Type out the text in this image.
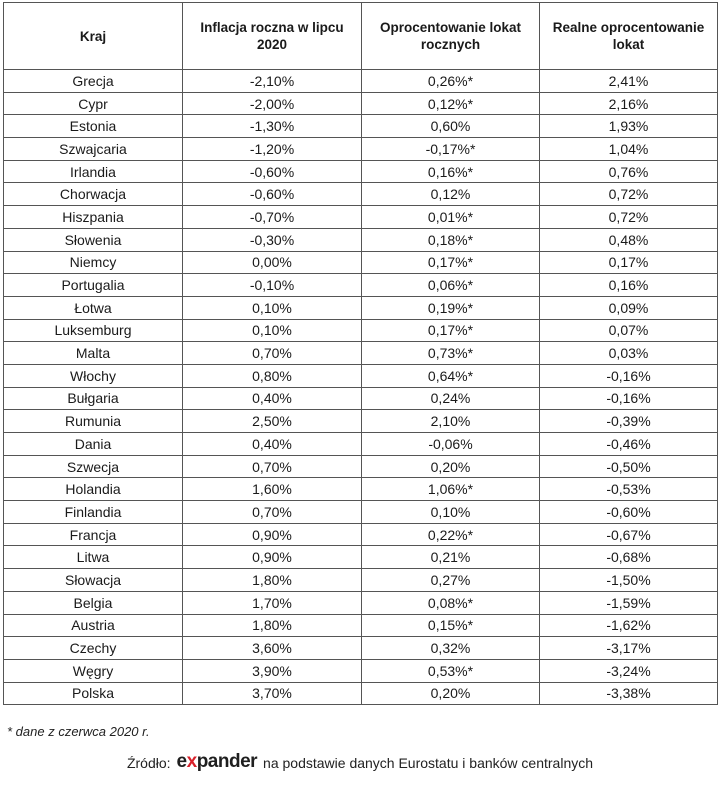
Kraj	Inflacja roczna w lipcu 2020	Oprocentowanie lokat rocznych	Realne oprocentowanie lokat
Grecja	-2,10%	0,26%*	2,41%
Cypr	-2,00%	0,12%*	2,16%
Estonia	-1,30%	0,60%	1,93%
Szwajcaria	-1,20%	-0,17%*	1,04%
Irlandia	-0,60%	0,16%*	0,76%
Chorwacja	-0,60%	0,12%	0,72%
Hiszpania	-0,70%	0,01%*	0,72%
Słowenia	-0,30%	0,18%*	0,48%
Niemcy	0,00%	0,17%*	0,17%
Portugalia	-0,10%	0,06%*	0,16%
Łotwa	0,10%	0,19%*	0,09%
Luksemburg	0,10%	0,17%*	0,07%
Malta	0,70%	0,73%*	0,03%
Włochy	0,80%	0,64%*	-0,16%
Bułgaria	0,40%	0,24%	-0,16%
Rumunia	2,50%	2,10%	-0,39%
Dania	0,40%	-0,06%	-0,46%
Szwecja	0,70%	0,20%	-0,50%
Holandia	1,60%	1,06%*	-0,53%
Finlandia	0,70%	0,10%	-0,60%
Francja	0,90%	0,22%*	-0,67%
Litwa	0,90%	0,21%	-0,68%
Słowacja	1,80%	0,27%	-1,50%
Belgia	1,70%	0,08%*	-1,59%
Austria	1,80%	0,15%*	-1,62%
Czechy	3,60%	0,32%	-3,17%
Węgry	3,90%	0,53%*	-3,24%
Polska	3,70%	0,20%	-3,38%
* dane z czerwca 2020 r.
Źródło: e x pander na podstawie danych Eurostatu i banków centralnych
